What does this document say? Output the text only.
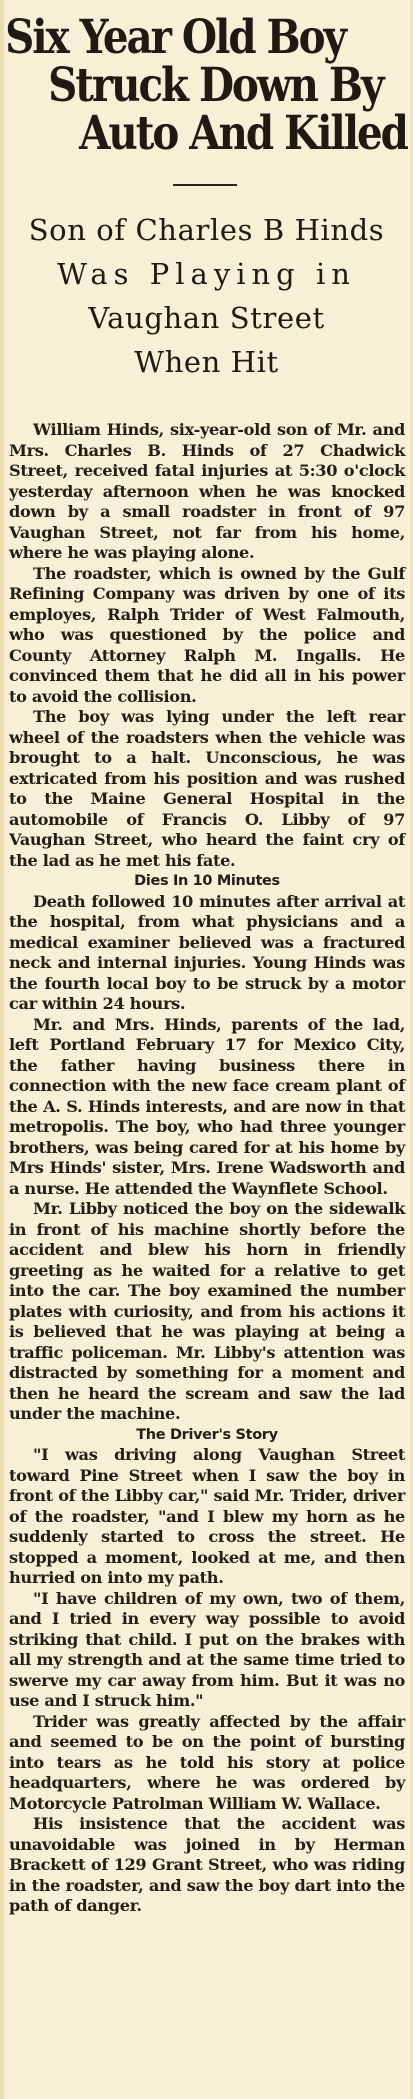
Six Year Old Boy
Struck Down By
Auto And Killed
Son of Charles B Hinds
Was Playing in
Vaughan Street
When Hit

William Hinds, six-year-old son of Mr. and Mrs. Charles B. Hinds of 27 Chadwick Street, received fatal injuries at 5:30 o'clock yesterday afternoon when he was knocked down by a small roadster in front of 97 Vaughan Street, not far from his home, where he was playing alone.

The roadster, which is owned by the Gulf Refining Company was driven by one of its employes, Ralph Trider of West Falmouth, who was questioned by the police and County Attorney Ralph M. Ingalls. He convinced them that he did all in his power to avoid the collision.

The boy was lying under the left rear wheel of the roadsters when the vehicle was brought to a halt. Unconscious, he was extricated from his position and was rushed to the Maine General Hospital in the automobile of Francis O. Libby of 97 Vaughan Street, who heard the faint cry of the lad as he met his fate.

Dies In 10 Minutes

Death followed 10 minutes after arrival at the hospital, from what physicians and a medical examiner believed was a fractured neck and internal injuries. Young Hinds was the fourth local boy to be struck by a motor car within 24 hours.

Mr. and Mrs. Hinds, parents of the lad, left Portland February 17 for Mexico City, the father having business there in connection with the new face cream plant of the A. S. Hinds interests, and are now in that metropolis. The boy, who had three younger brothers, was being cared for at his home by Mrs Hinds' sister, Mrs. Irene Wadsworth and a nurse. He attended the Waynflete School.

Mr. Libby noticed the boy on the sidewalk in front of his machine shortly before the accident and blew his horn in friendly greeting as he waited for a relative to get into the car. The boy examined the number plates with curiosity, and from his actions it is believed that he was playing at being a traffic policeman. Mr. Libby's attention was distracted by something for a moment and then he heard the scream and saw the lad under the machine.

The Driver's Story

"I was driving along Vaughan Street toward Pine Street when I saw the boy in front of the Libby car," said Mr. Trider, driver of the roadster, "and I blew my horn as he suddenly started to cross the street. He stopped a moment, looked at me, and then hurried on into my path.

"I have children of my own, two of them, and I tried in every way possible to avoid striking that child. I put on the brakes with all my strength and at the same time tried to swerve my car away from him. But it was no use and I struck him."

Trider was greatly affected by the affair and seemed to be on the point of bursting into tears as he told his story at police headquarters, where he was ordered by Motorcycle Patrolman William W. Wallace.

His insistence that the accident was unavoidable was joined in by Herman Brackett of 129 Grant Street, who was riding in the roadster, and saw the boy dart into the path of danger.
